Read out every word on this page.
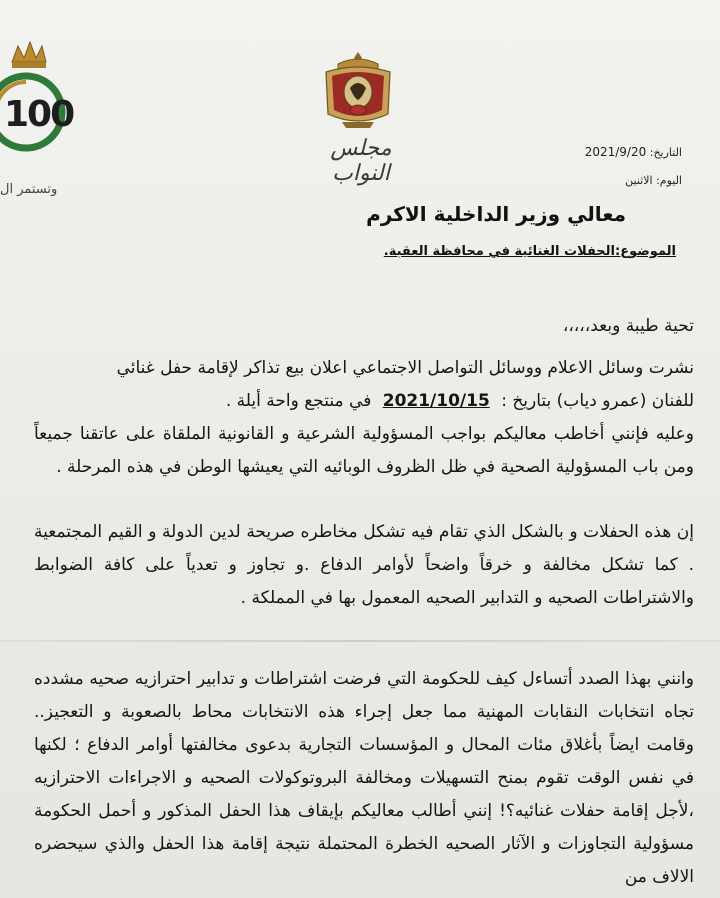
100
وتستمر ال
مجلس النواب
التاريخ: 2021/9/20
اليوم: الاثنين
معالي وزير الداخلية الاكرم
الموضوع:الحفلات الغنائية في محافظة العقبة.

تحية طيبة وبعد،،،،،

نشرت وسائل الاعلام ووسائل التواصل الاجتماعي اعلان بيع تذاكر لإقامة حفل غنائي

للفنان (عمرو دياب) بتاريخ : 2021/10/15 في منتجع واحة أيلة .

وعليه فإنني أخاطب معاليكم بواجب المسؤولية الشرعية و القانونية الملقاة على عاتقنا جميعاً ومن باب المسؤولية الصحية في ظل الظروف الوبائيه التي يعيشها الوطن في هذه المرحلة .

إن هذه الحفلات و بالشكل الذي تقام فيه تشكل مخاطره صريحة لدين الدولة و القيم المجتمعية . كما تشكل مخالفة و خرقاً واضحاً لأوامر الدفاع .و تجاوز و تعدياً على كافة الضوابط والاشتراطات الصحيه و التدابير الصحيه المعمول بها في المملكة .

وانني بهذا الصدد أتساءل كيف للحكومة التي فرضت اشتراطات و تدابير احترازيه صحيه مشدده تجاه انتخابات النقابات المهنية مما جعل إجراء هذه الانتخابات محاط بالصعوبة و التعجيز.. وقامت ايضاً بأغلاق مئات المحال و المؤسسات التجارية بدعوى مخالفتها أوامر الدفاع ؛ لكنها في نفس الوقت تقوم بمنح التسهيلات ومخالفة البروتوكولات الصحيه و الاجراءات الاحترازيه ،لأجل إقامة حفلات غنائيه؟! إنني أطالب معاليكم بإيقاف هذا الحفل المذكور و أحمل الحكومة مسؤولية التجاوزات و الآثار الصحيه الخطرة المحتملة نتيجة إقامة هذا الحفل والذي سيحضره الالاف من
